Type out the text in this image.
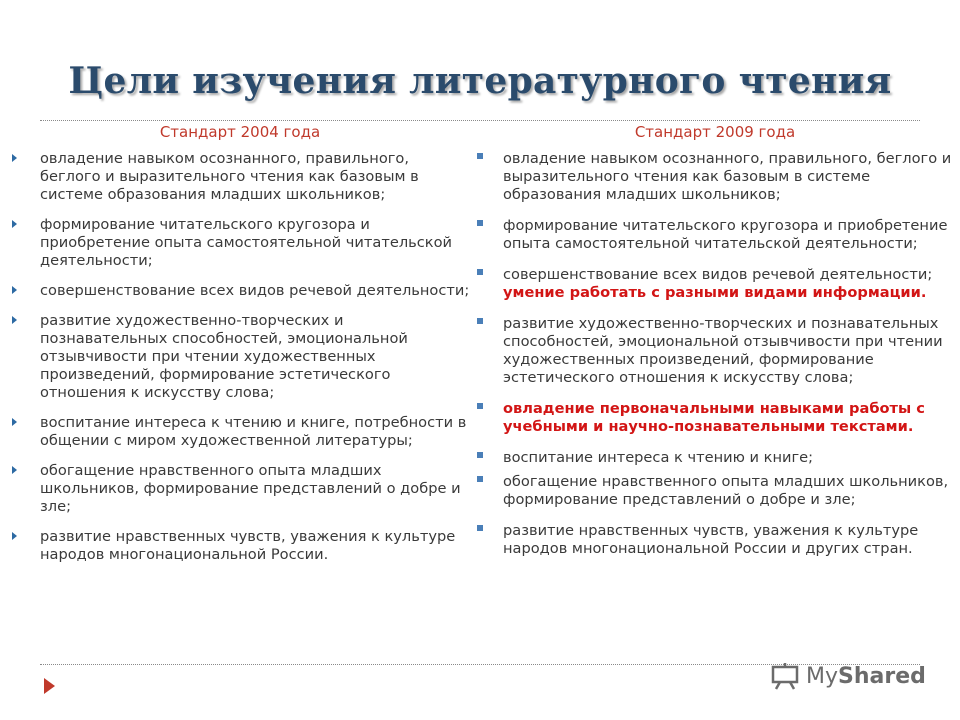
Цели изучения литературного чтения
Стандарт 2004 года	Стандарт 2009 года
овладение навыком осознанного, правильного, беглого и выразительного чтения как базовым в системе образования младших школьников;
формирование читательского кругозора и приобретение опыта самостоятельной читательской деятельности;
совершенствование всех видов речевой деятельности;
развитие художественно-творческих и познавательных способностей, эмоциональной отзывчивости при чтении художественных произведений, формирование эстетического отношения к искусству слова;
воспитание интереса к чтению и книге, потребности в общении с миром художественной литературы;
обогащение нравственного опыта младших школьников, формирование представлений о добре и зле;
развитие нравственных чувств, уважения к культуре народов многонациональной России.
овладение навыком осознанного, правильного, беглого и выразительного чтения как базовым в системе образования младших школьников;
формирование читательского кругозора и приобретение опыта самостоятельной читательской деятельности;
совершенствование всех видов речевой деятельности; умение работать с разными видами информации.
развитие художественно-творческих и познавательных способностей, эмоциональной отзывчивости при чтении художественных произведений, формирование эстетического отношения к искусству слова;
овладение первоначальными навыками работы с учебными и научно-познавательными текстами.
воспитание интереса к чтению и книге;
обогащение нравственного опыта младших школьников, формирование представлений о добре и зле;
развитие нравственных чувств, уважения к культуре народов многонациональной России и других стран.
MyShared
